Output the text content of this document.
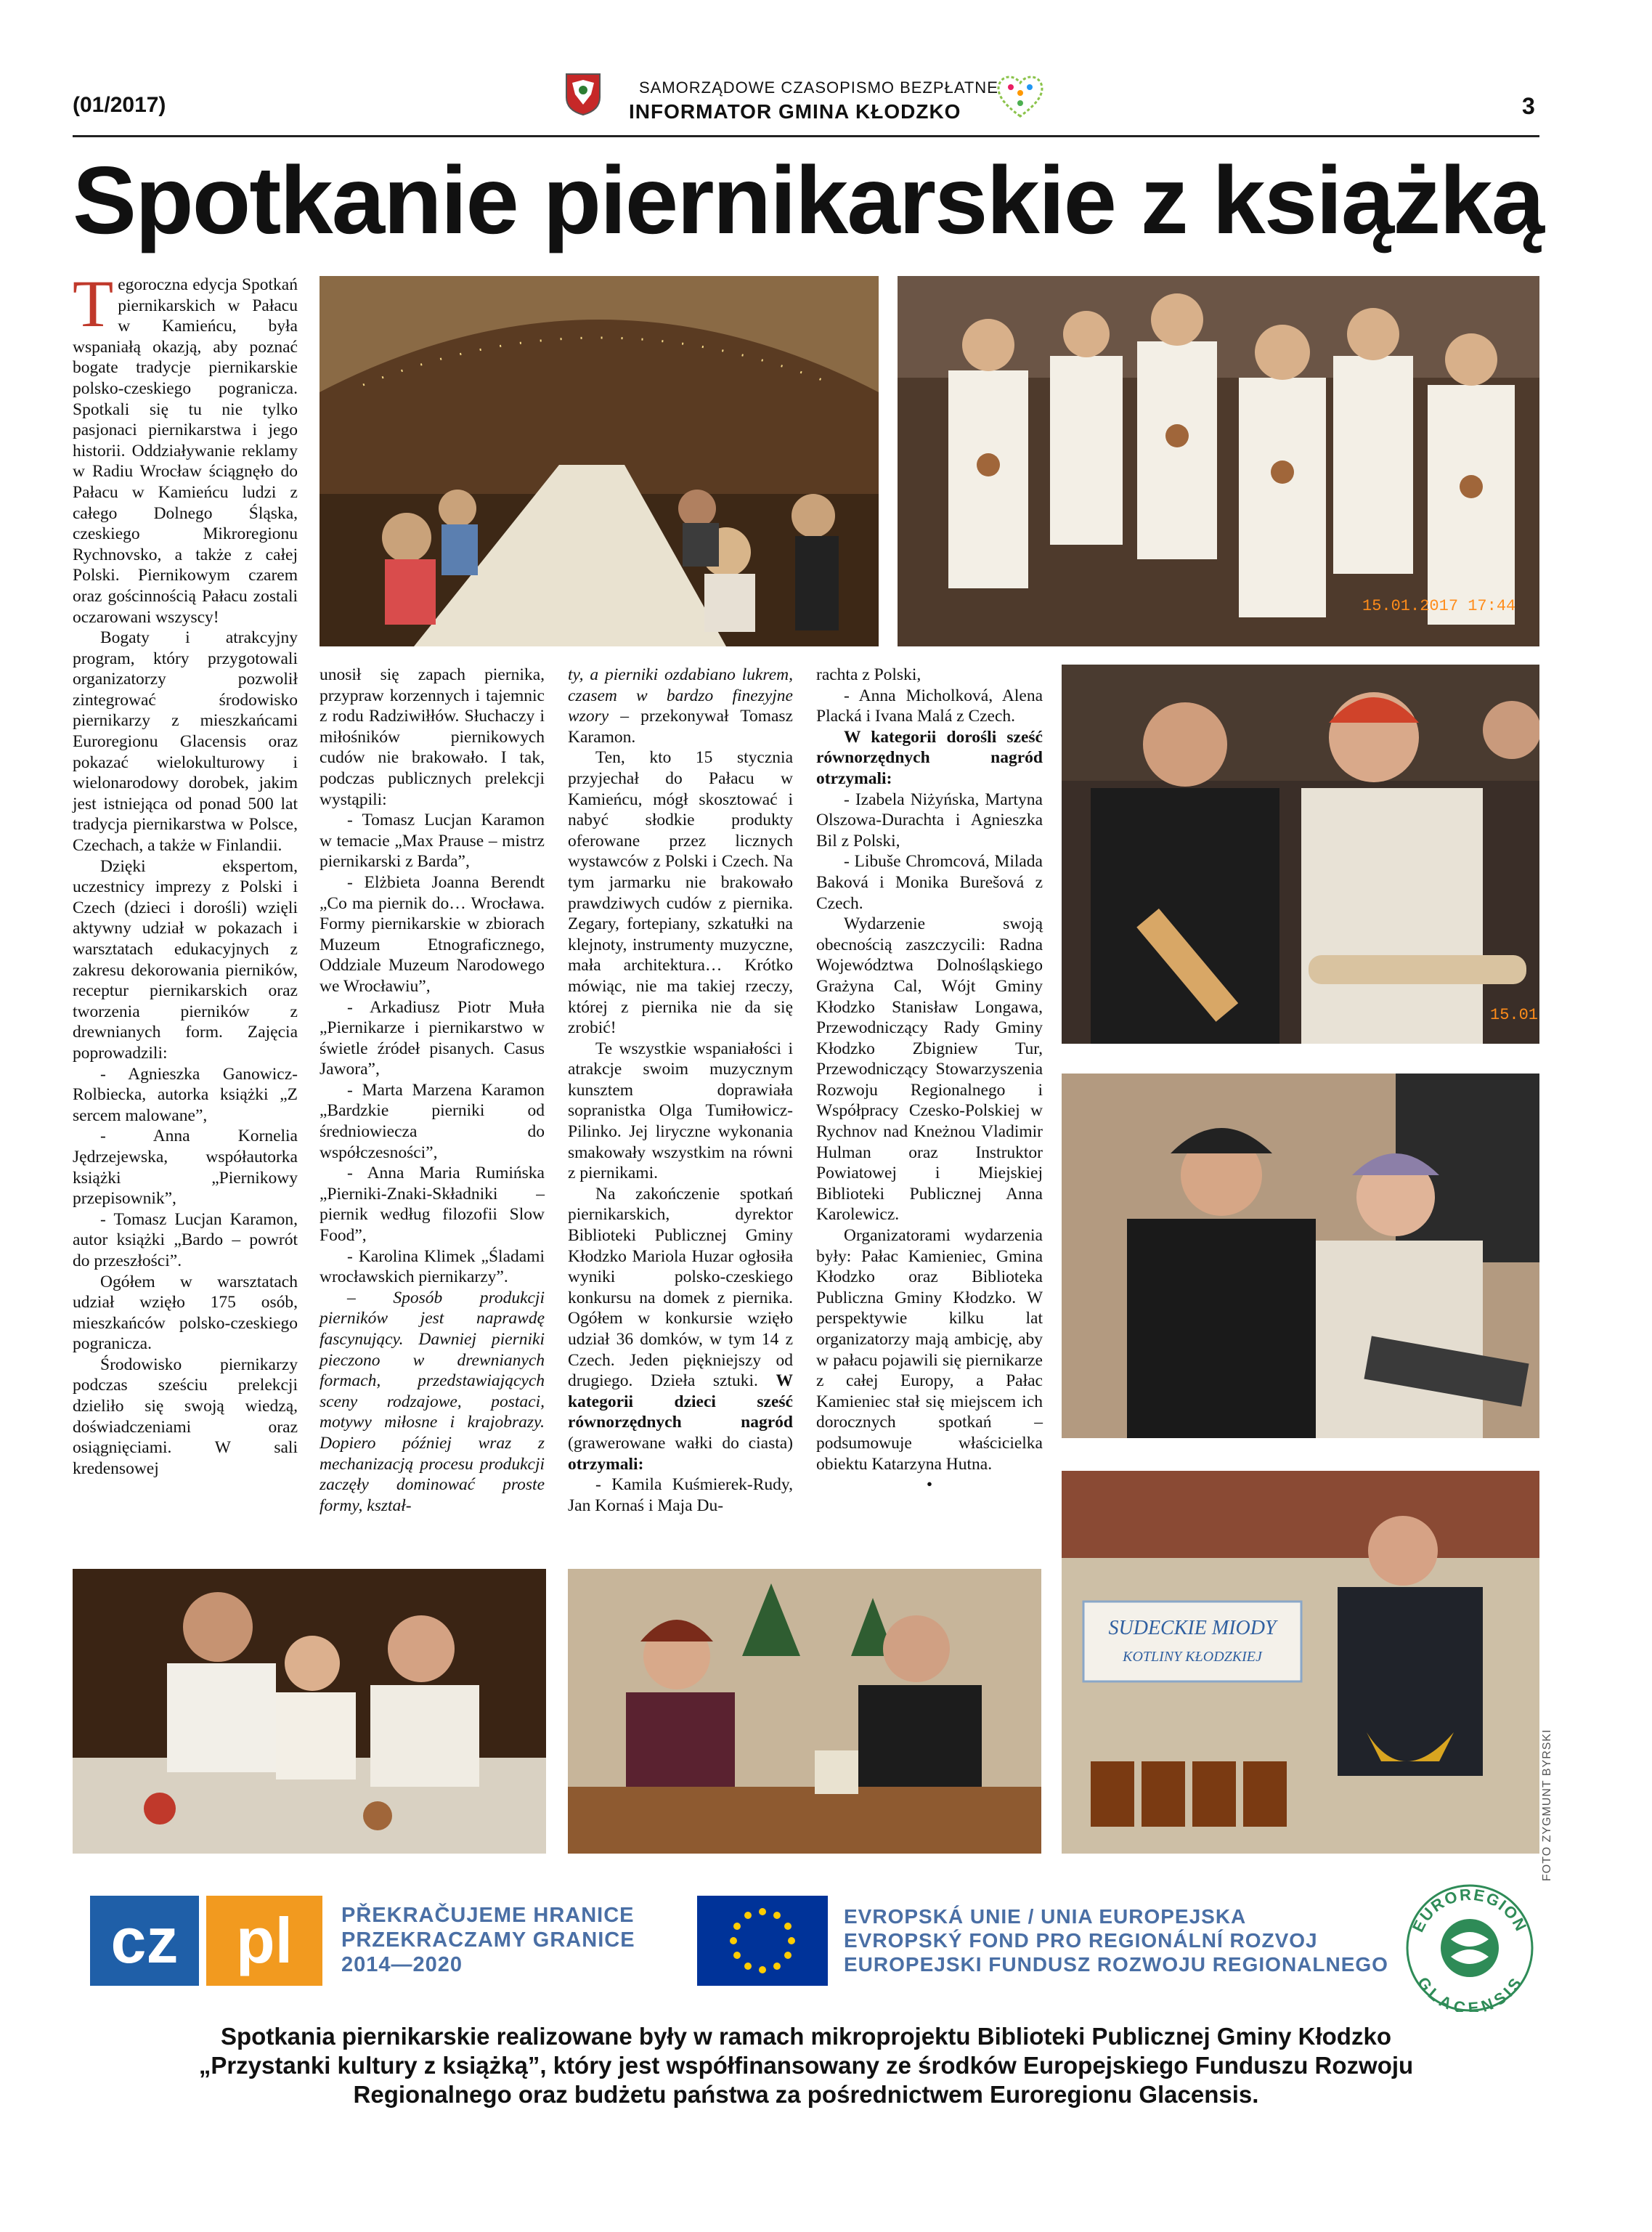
(01/2017)
SAMORZĄDOWE CZASOPISMO BEZPŁATNE
INFORMATOR GMINA KŁODZKO	3
Spotkanie piernikarskie z książką
15.01.2017 17:44
15.01
SUDECKIE MIODY
KOTLINY KŁODZKIEJ
FOTO ZYGMUNT BYRSKI

Tegoroczna edycja Spotkań piernikarskich w Pałacu w Kamieńcu, była wspaniałą okazją, aby poznać bogate tradycje piernikarskie polsko-czeskiego pogranicza. Spotkali się tu nie tylko pasjonaci piernikarstwa i jego historii. Oddziaływanie reklamy w Radiu Wrocław ściągnęło do Pałacu w Kamieńcu ludzi z całego Dolnego Śląska, czeskiego Mikroregionu Rychnovsko, a także z całej Polski. Piernikowym czarem oraz gościnnością Pałacu zostali oczarowani wszyscy!

Bogaty i atrakcyjny program, który przygotowali organizatorzy pozwolił zintegrować środowisko piernikarzy z mieszkańcami Euroregionu Glacensis oraz pokazać wielokulturowy i wielonarodowy dorobek, jakim jest istniejąca od ponad 500 lat tradycja piernikarstwa w Polsce, Czechach, a także w Finlandii.

Dzięki ekspertom, uczestnicy imprezy z Polski i Czech (dzieci i dorośli) wzięli aktywny udział w pokazach i warsztatach edukacyjnych z zakresu dekorowania pierników, receptur piernikarskich oraz tworzenia pierników z drewnianych form. Zajęcia poprowadzili:

- Agnieszka Ganowicz-Rolbiecka, autorka książki „Z sercem malowane”,

- Anna Kornelia Jędrzejewska, współautorka książki „Piernikowy przepisownik”,

- Tomasz Lucjan Karamon, autor książki „Bardo – powrót do przeszłości”.

Ogółem w warsztatach udział wzięło 175 osób, mieszkańców polsko-czeskiego pogranicza.

Środowisko piernikarzy podczas sześciu prelekcji dzieliło się swoją wiedzą, doświadczeniami oraz osiągnięciami. W sali kredensowej

unosił się zapach piernika, przypraw korzennych i tajemnic z rodu Radziwiłłów. Słuchaczy i miłośników piernikowych cudów nie brakowało. I tak, podczas publicznych prelekcji wystąpili:

- Tomasz Lucjan Karamon w temacie „Max Prause – mistrz piernikarski z Barda”,

- Elżbieta Joanna Berendt „Co ma piernik do… Wrocława. Formy piernikarskie w zbiorach Muzeum Etnograficznego, Oddziale Muzeum Narodowego we Wrocławiu”,

- Arkadiusz Piotr Muła „Piernikarze i piernikarstwo w świetle źródeł pisanych. Casus Jawora”,

- Marta Marzena Karamon „Bardzkie pierniki od średniowiecza do współczesności”,

- Anna Maria Rumińska „Pierniki-Znaki-Składniki – piernik według filozofii Slow Food”,

- Karolina Klimek „Śladami wrocławskich piernikarzy”.

– Sposób produkcji pierników jest naprawdę fascynujący. Dawniej pierniki pieczono w drewnianych formach, przedstawiających sceny rodzajowe, postaci, motywy miłosne i krajobrazy. Dopiero później wraz z mechanizacją procesu produkcji zaczęły dominować proste formy, kształ-

ty, a pierniki ozdabiano lukrem, czasem w bardzo finezyjne wzory – przekonywał Tomasz Karamon.

Ten, kto 15 stycznia przyjechał do Pałacu w Kamieńcu, mógł skosztować i nabyć słodkie produkty oferowane przez licznych wystawców z Polski i Czech. Na tym jarmarku nie brakowało prawdziwych cudów z piernika. Zegary, fortepiany, szkatułki na klejnoty, instrumenty muzyczne, mała architektura… Krótko mówiąc, nie ma takiej rzeczy, której z piernika nie da się zrobić!

Te wszystkie wspaniałości i atrakcje swoim muzycznym kunsztem doprawiała sopranistka Olga Tumiłowicz-Pilinko. Jej liryczne wykonania smakowały wszystkim na równi z piernikami.

Na zakończenie spotkań piernikarskich, dyrektor Biblioteki Publicznej Gminy Kłodzko Mariola Huzar ogłosiła wyniki polsko-czeskiego konkursu na domek z piernika. Ogółem w konkursie wzięło udział 36 domków, w tym 14 z Czech. Jeden piękniejszy od drugiego. Dzieła sztuki. W kategorii dzieci sześć równorzędnych nagród (grawerowane wałki do ciasta) otrzymali:

- Kamila Kuśmierek-Rudy, Jan Kornaś i Maja Du-

rachta z Polski,

- Anna Micholková, Alena Placká i Ivana Malá z Czech.

W kategorii dorośli sześć równorzędnych nagród otrzymali:

- Izabela Niżyńska, Martyna Olszowa-Durachta i Agnieszka Bil z Polski,

- Libuše Chromcová, Milada Baková i Monika Burešová z Czech.

Wydarzenie swoją obecnością zaszczycili: Radna Województwa Dolnośląskiego Grażyna Cal, Wójt Gminy Kłodzko Stanisław Longawa, Przewodniczący Rady Gminy Kłodzko Zbigniew Tur, Przewodniczący Stowarzyszenia Rozwoju Regionalnego i Współpracy Czesko-Polskiej w Rychnov nad Kneżnou Vladimir Hulman oraz Instruktor Powiatowej i Miejskiej Biblioteki Publicznej Anna Karolewicz.

Organizatorami wydarzenia były: Pałac Kamieniec, Gmina Kłodzko oraz Biblioteka Publiczna Gminy Kłodzko. W perspektywie kilku lat organizatorzy mają ambicję, aby w pałacu pojawili się piernikarze z całej Europy, a Pałac Kamieniec stał się miejscem ich dorocznych spotkań – podsumowuje właścicielka obiektu Katarzyna Hutna.

•

cz pl PŘEKRAČUJEME HRANICE
PRZEKRACZAMY GRANICE
2014—2020
EVROPSKÁ UNIE / UNIA EUROPEJSKA
EVROPSKÝ FOND PRO REGIONÁLNÍ ROZVOJ
EUROPEJSKI FUNDUSZ ROZWOJU REGIONALNEGO
EUROREGION
GLACENSIS
Spotkania piernikarskie realizowane były w ramach mikroprojektu Biblioteki Publicznej Gminy Kłodzko
„Przystanki kultury z książką”, który jest współfinansowany ze środków Europejskiego Funduszu Rozwoju
Regionalnego oraz budżetu państwa za pośrednictwem Euroregionu Glacensis.
